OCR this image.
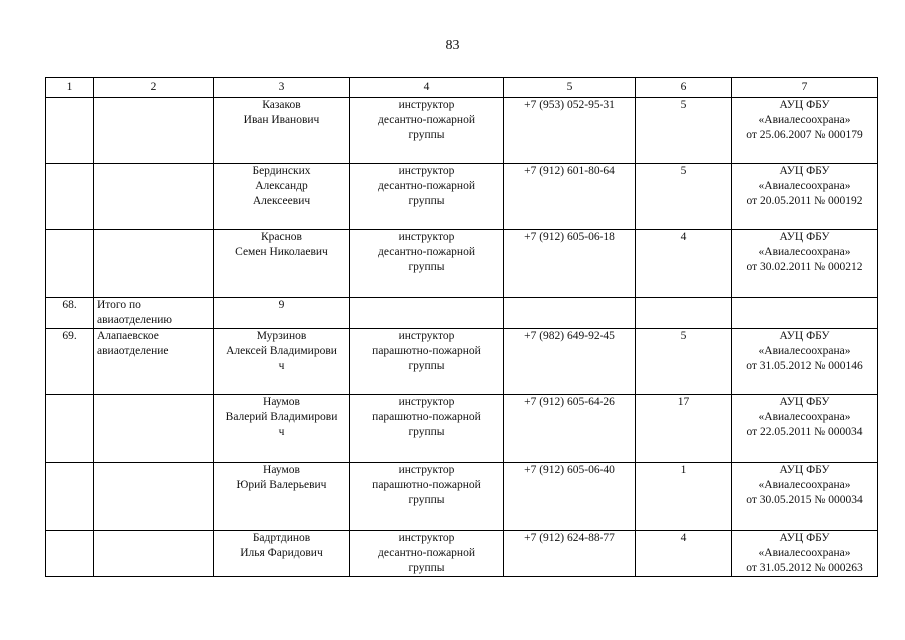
83
1	2	3	4	5	6	7

		Казаков
Иван Иванович	инструктор
десантно-пожарной
группы	+7 (953) 052-95-31	5	АУЦ ФБУ
«Авиалесоохрана»
от 25.06.2007 № 000179

		Бердинских
Александр
Алексеевич	инструктор
десантно-пожарной
группы	+7 (912) 601-80-64	5	АУЦ ФБУ
«Авиалесоохрана»
от 20.05.2011 № 000192

		Краснов
Семен Николаевич	инструктор
десантно-пожарной
группы	+7 (912) 605-06-18	4	АУЦ ФБУ
«Авиалесоохрана»
от 30.02.2011 № 000212

68.	Итого по
авиаотделению	9				

69.	Алапаевское
авиаотделение	Мурзинов
Алексей Владимирови
ч	инструктор
парашютно-пожарной
группы	+7 (982) 649-92-45	5	АУЦ ФБУ
«Авиалесоохрана»
от 31.05.2012 № 000146

		Наумов
Валерий Владимирови
ч	инструктор
парашютно-пожарной
группы	+7 (912) 605-64-26	17	АУЦ ФБУ
«Авиалесоохрана»
от 22.05.2011 № 000034

		Наумов
Юрий Валерьевич	инструктор
парашютно-пожарной
группы	+7 (912) 605-06-40	1	АУЦ ФБУ
«Авиалесоохрана»
от 30.05.2015 № 000034

		Бадртдинов
Илья Фаридович	инструктор
десантно-пожарной
группы	+7 (912) 624-88-77	4	АУЦ ФБУ
«Авиалесоохрана»
от 31.05.2012 № 000263
